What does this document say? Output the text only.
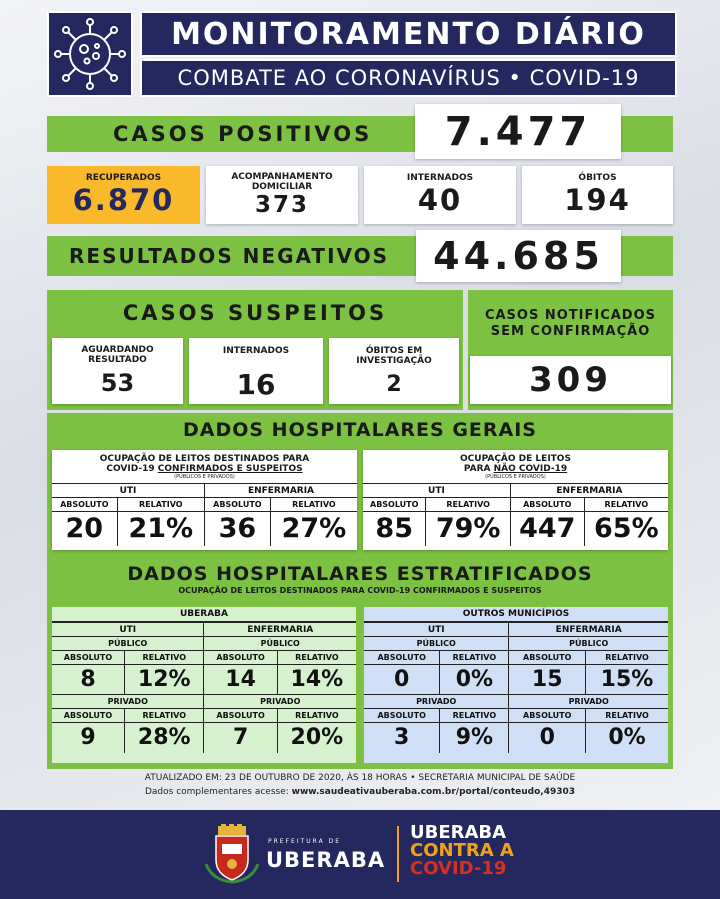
MONITORAMENTO DIÁRIO
COMBATE AO CORONAVÍRUS • COVID-19
CASOS POSITIVOS	7.477
RECUPERADOS
6.870
ACOMPANHAMENTO DOMICILIAR
373
INTERNADOS
40
ÓBITOS
194
RESULTADOS NEGATIVOS	44.685
CASOS SUSPEITOS
AGUARDANDO RESULTADO
53
INTERNADOS
16
ÓBITOS EM INVESTIGAÇÃO
2
CASOS NOTIFICADOS SEM CONFIRMAÇÃO
309
DADOS HOSPITALARES GERAIS
OCUPAÇÃO DE LEITOS DESTINADOS PARA
COVID-19 CONFIRMADOS E SUSPEITOS
(PÚBLICOS E PRIVADOS)
UTI		ENFERMARIA	
ABSOLUTO	RELATIVO	ABSOLUTO	RELATIVO
20	21%	36	27%
OCUPAÇÃO DE LEITOS
PARA NÃO COVID-19
(PÚBLICOS E PRIVADOS)
UTI		ENFERMARIA	
ABSOLUTO	RELATIVO	ABSOLUTO	RELATIVO
85	79%	447	65%
DADOS HOSPITALARES ESTRATIFICADOS
OCUPAÇÃO DE LEITOS DESTINADOS PARA COVID-19 CONFIRMADOS E SUSPEITOS
UBERABA
UTI		ENFERMARIA	
PÚBLICO		PÚBLICO	
ABSOLUTO	RELATIVO	ABSOLUTO	RELATIVO
8	12%	14	14%
PRIVADO		PRIVADO	
ABSOLUTO	RELATIVO	ABSOLUTO	RELATIVO
9	28%	7	20%
OUTROS MUNICÍPIOS
UTI		ENFERMARIA	
PÚBLICO		PÚBLICO	
ABSOLUTO	RELATIVO	ABSOLUTO	RELATIVO
0	0%	15	15%
PRIVADO		PRIVADO	
ABSOLUTO	RELATIVO	ABSOLUTO	RELATIVO
3	9%	0	0%
ATUALIZADO EM: 23 DE OUTUBRO DE 2020, ÀS 18 HORAS • SECRETARIA MUNICIPAL DE SAÚDE
Dados complementares acesse: www.saudeativauberaba.com.br/portal/conteudo,49303
PREFEITURA DE
UBERABA
UBERABA
CONTRA A
COVID-19
